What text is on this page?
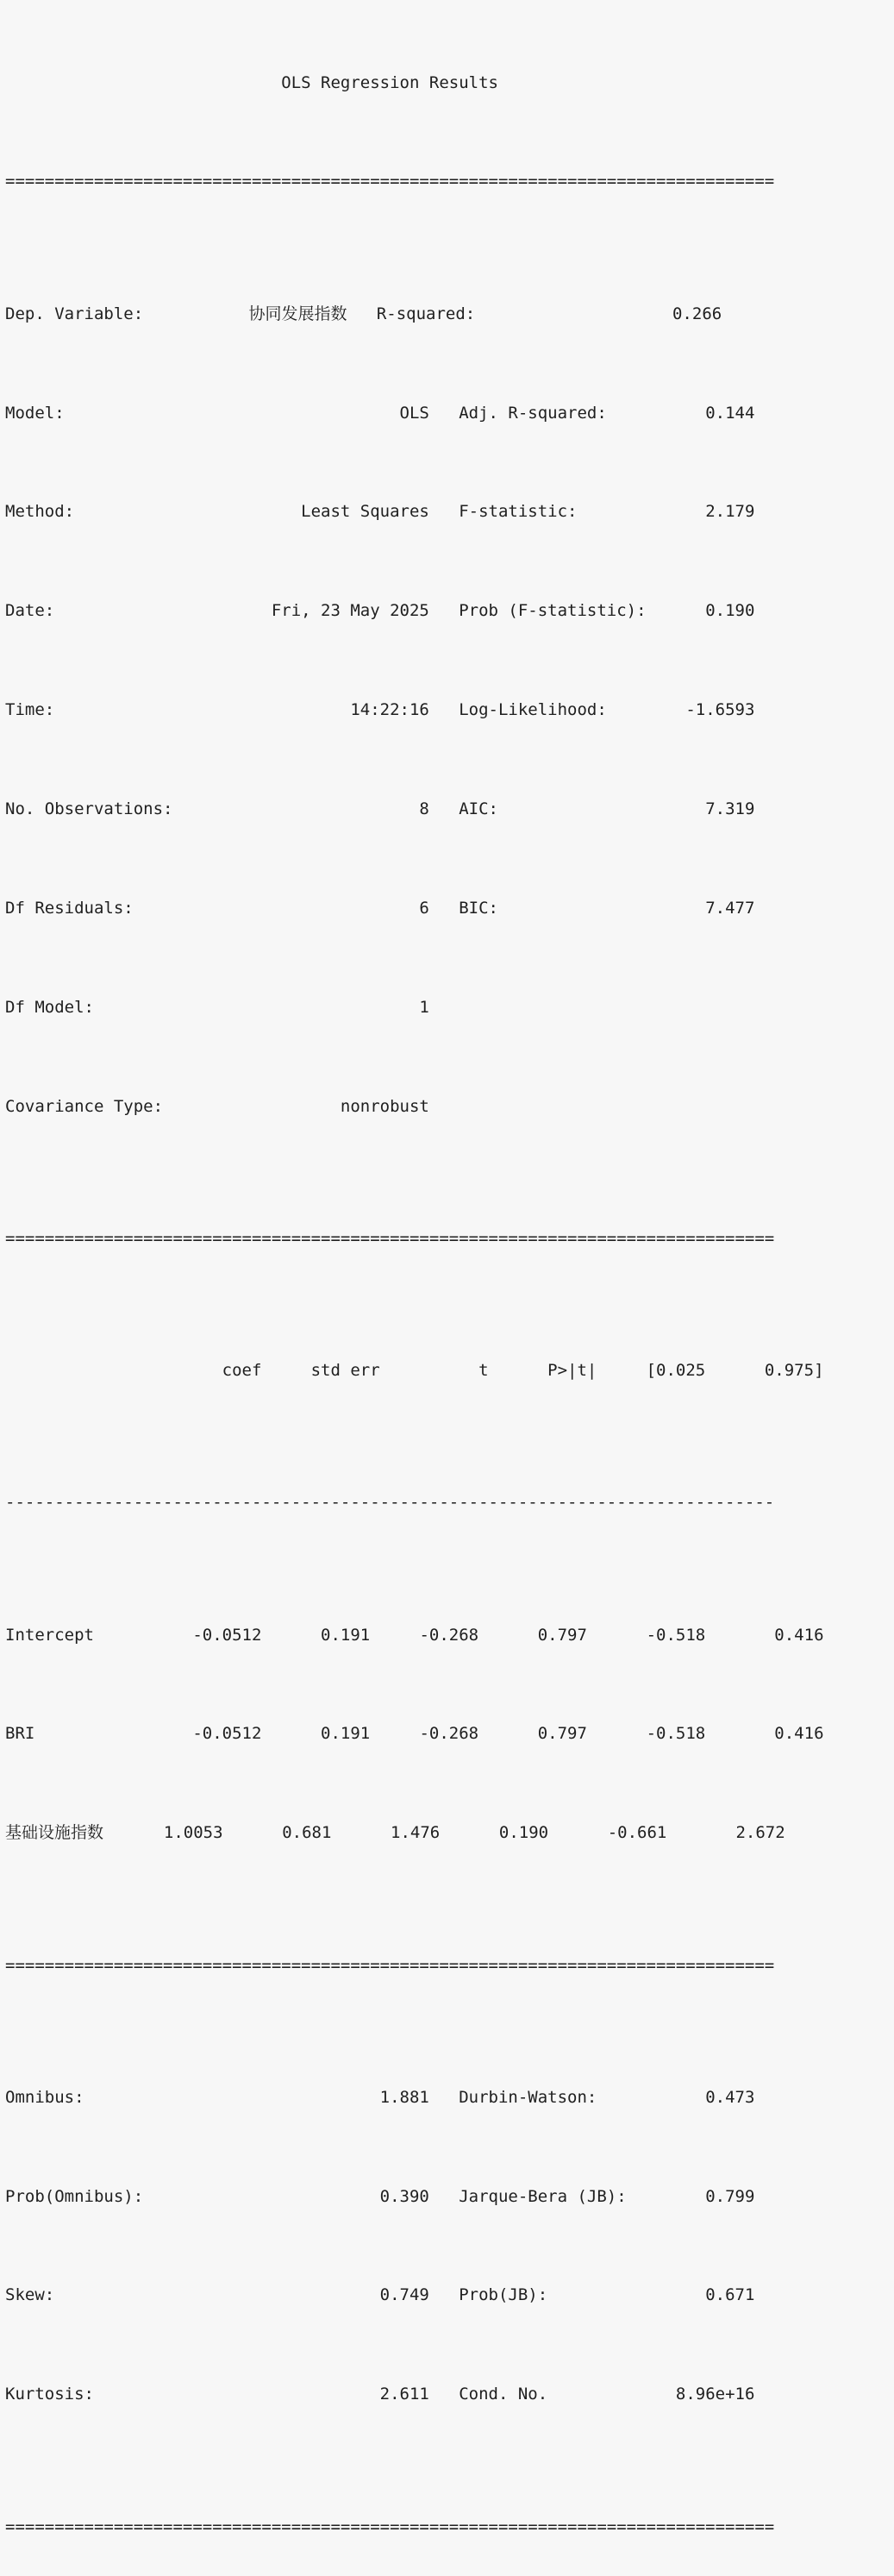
OLS Regression Results

==============================================================================

Dep. Variable:              协同发展指数 R-squared:                    0.266

Model:                                  OLS Adj. R-squared:          0.144

Method:                       Least Squares F-statistic:             2.179

Date:                      Fri, 23 May 2025 Prob (F-statistic):      0.190

Time:                              14:22:16 Log-Likelihood:        -1.6593

No. Observations:                         8 AIC:                     7.319

Df Residuals:                             6 BIC:                     7.477

Df Model:                                 1

Covariance Type:                  nonrobust

==============================================================================

coef     std err          t      P>|t|     [0.025      0.975]

------------------------------------------------------------------------------

Intercept          -0.0512      0.191     -0.268      0.797      -0.518       0.416

BRI                -0.0512      0.191     -0.268      0.797      -0.518       0.416

基础设施指数        1.0053      0.681      1.476      0.190      -0.661       2.672

==============================================================================

Omnibus:                              1.881 Durbin-Watson:           0.473

Prob(Omnibus):                        0.390 Jarque-Bera (JB):        0.799

Skew:                                 0.749 Prob(JB):                0.671

Kurtosis:                             2.611 Cond. No.             8.96e+16

==============================================================================
